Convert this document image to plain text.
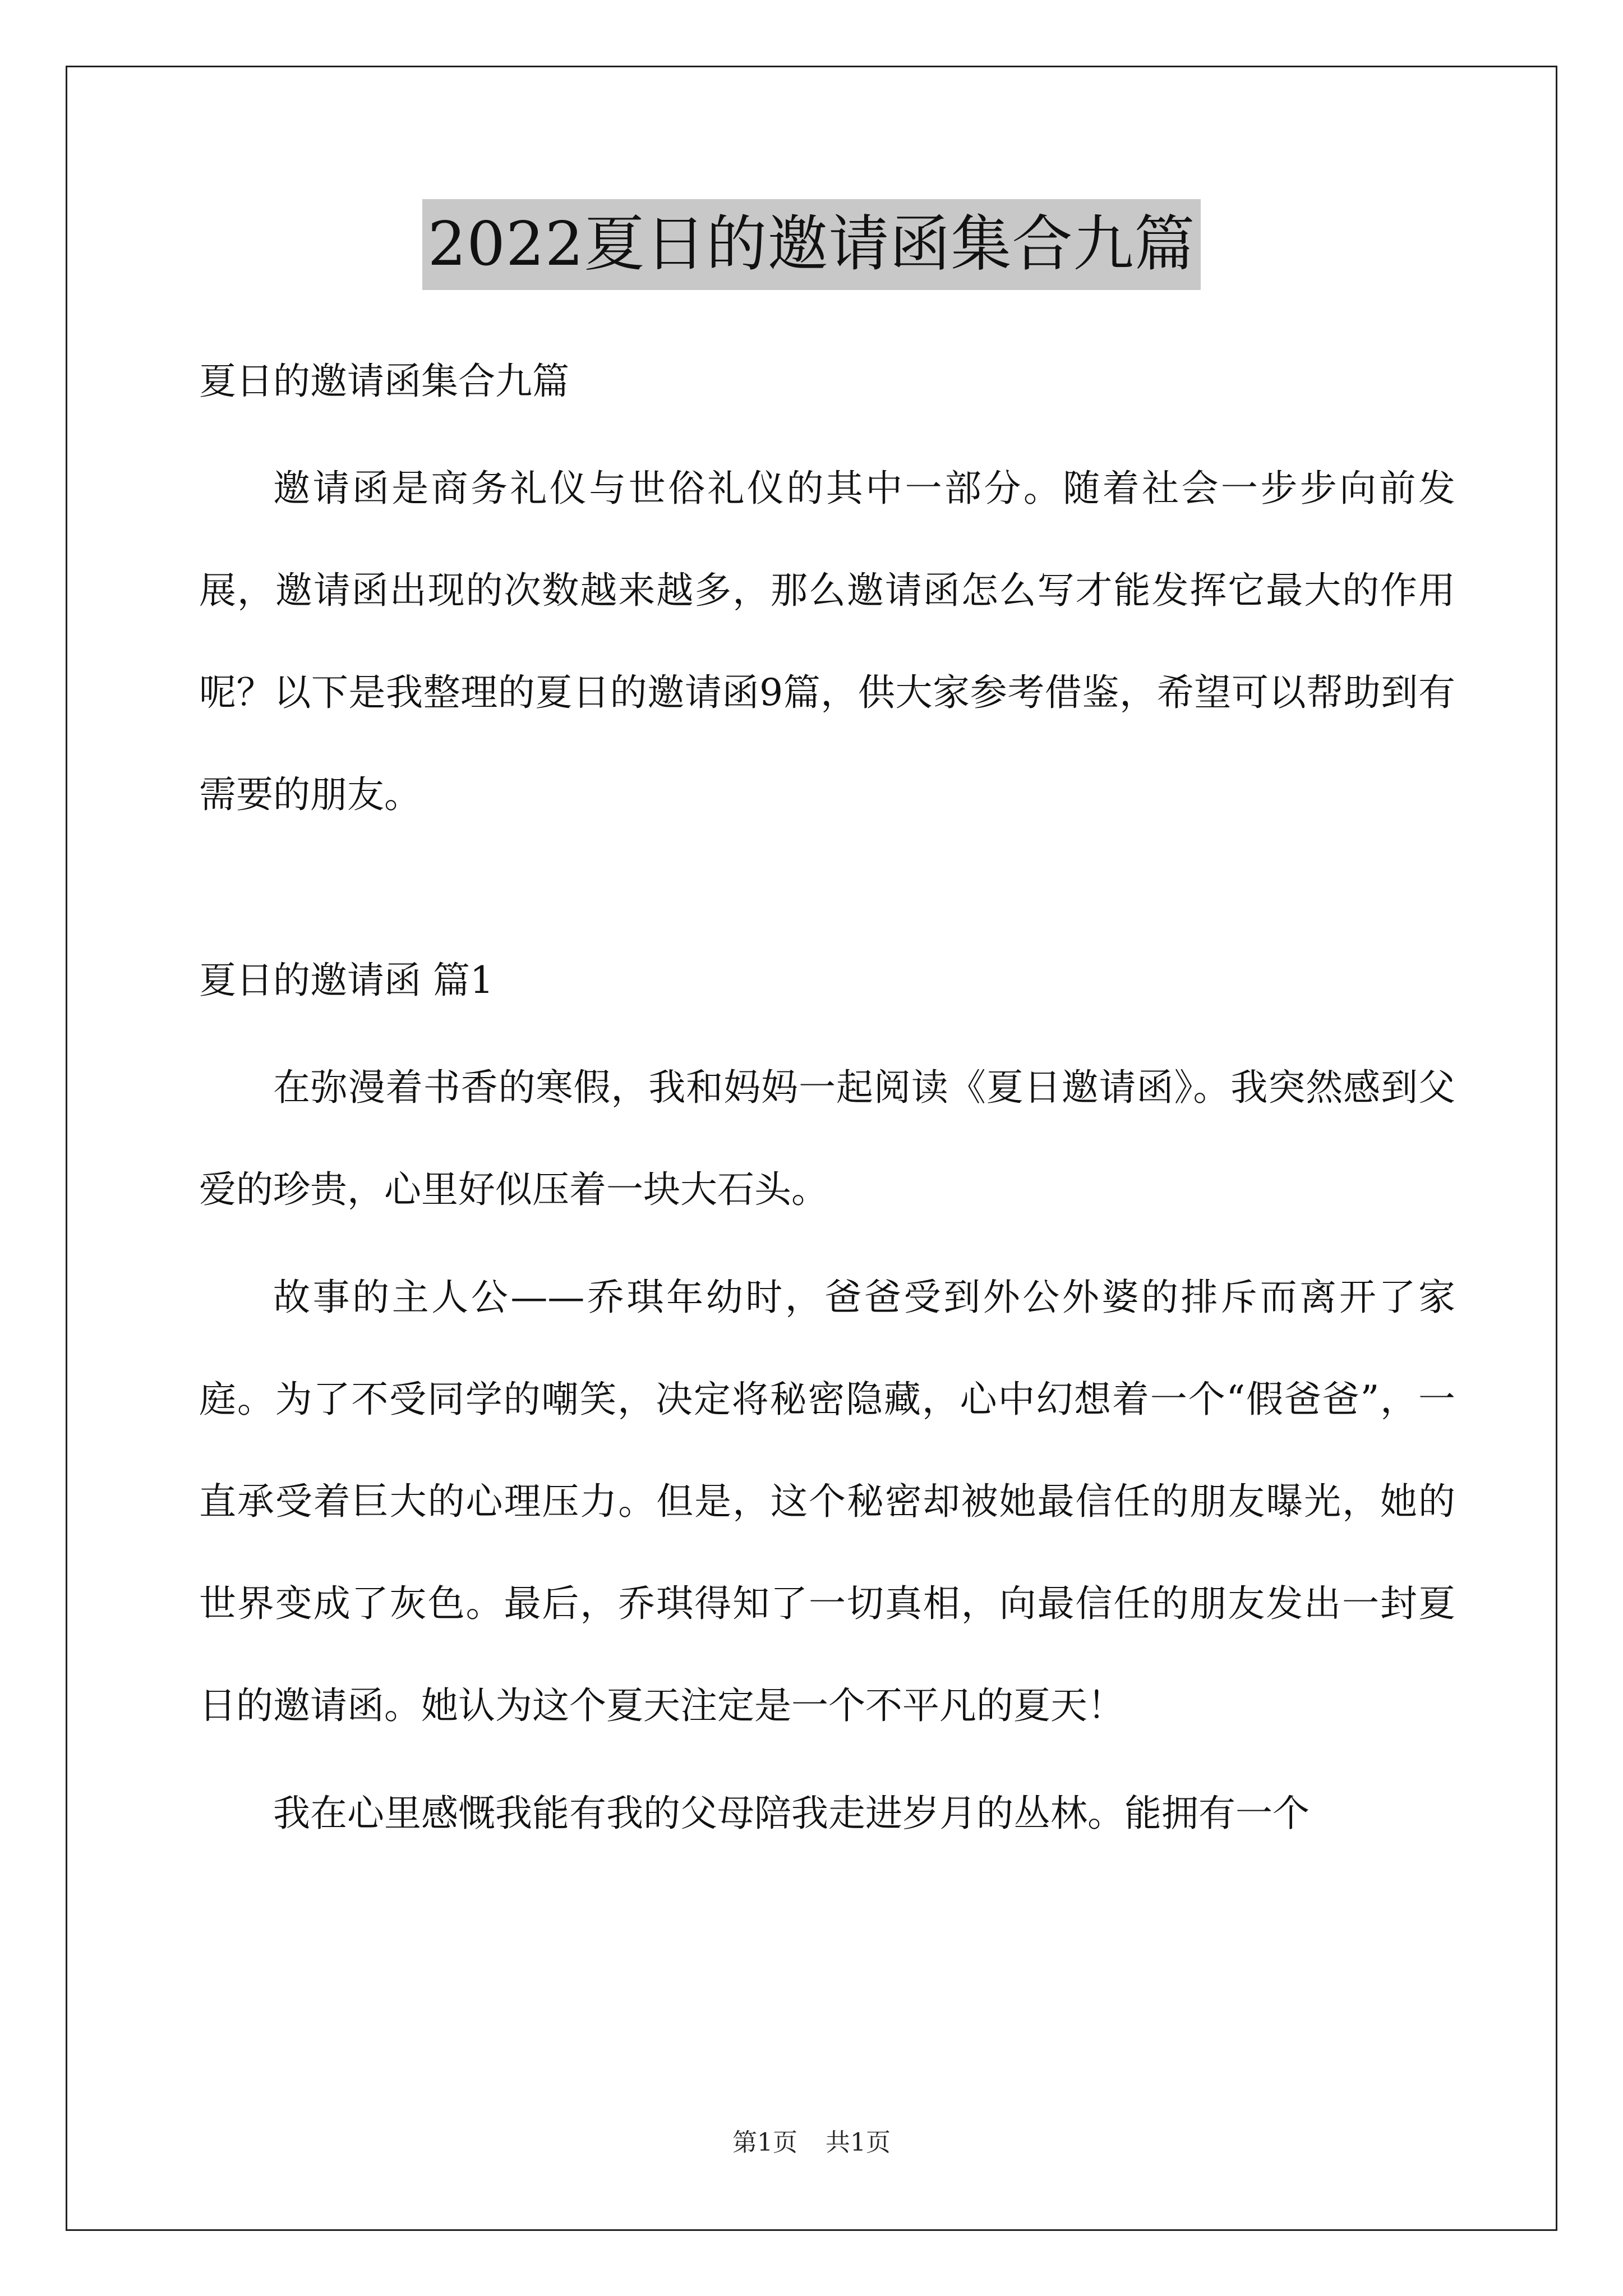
2022夏日的邀请函集合九篇

夏日的邀请函集合九篇

邀请函是商务礼仪与世俗礼仪的其中一部分。随着社会一步步向前发展，邀请函出现的次数越来越多，那么邀请函怎么写才能发挥它最大的作用呢？以下是我整理的夏日的邀请函9篇，供大家参考借鉴，希望可以帮助到有需要的朋友。

夏日的邀请函 篇1

在弥漫着书香的寒假，我和妈妈一起阅读《夏日邀请函》。我突然感到父爱的珍贵，心里好似压着一块大石头。

故事的主人公——乔琪年幼时，爸爸受到外公外婆的排斥而离开了家庭。为了不受同学的嘲笑，决定将秘密隐藏，心中幻想着一个“假爸爸”，一直承受着巨大的心理压力。但是，这个秘密却被她最信任的朋友曝光，她的世界变成了灰色。最后，乔琪得知了一切真相，向最信任的朋友发出一封夏日的邀请函。她认为这个夏天注定是一个不平凡的夏天！

我在心里感慨我能有我的父母陪我走进岁月的丛林。能拥有一个

第1页 共1页
